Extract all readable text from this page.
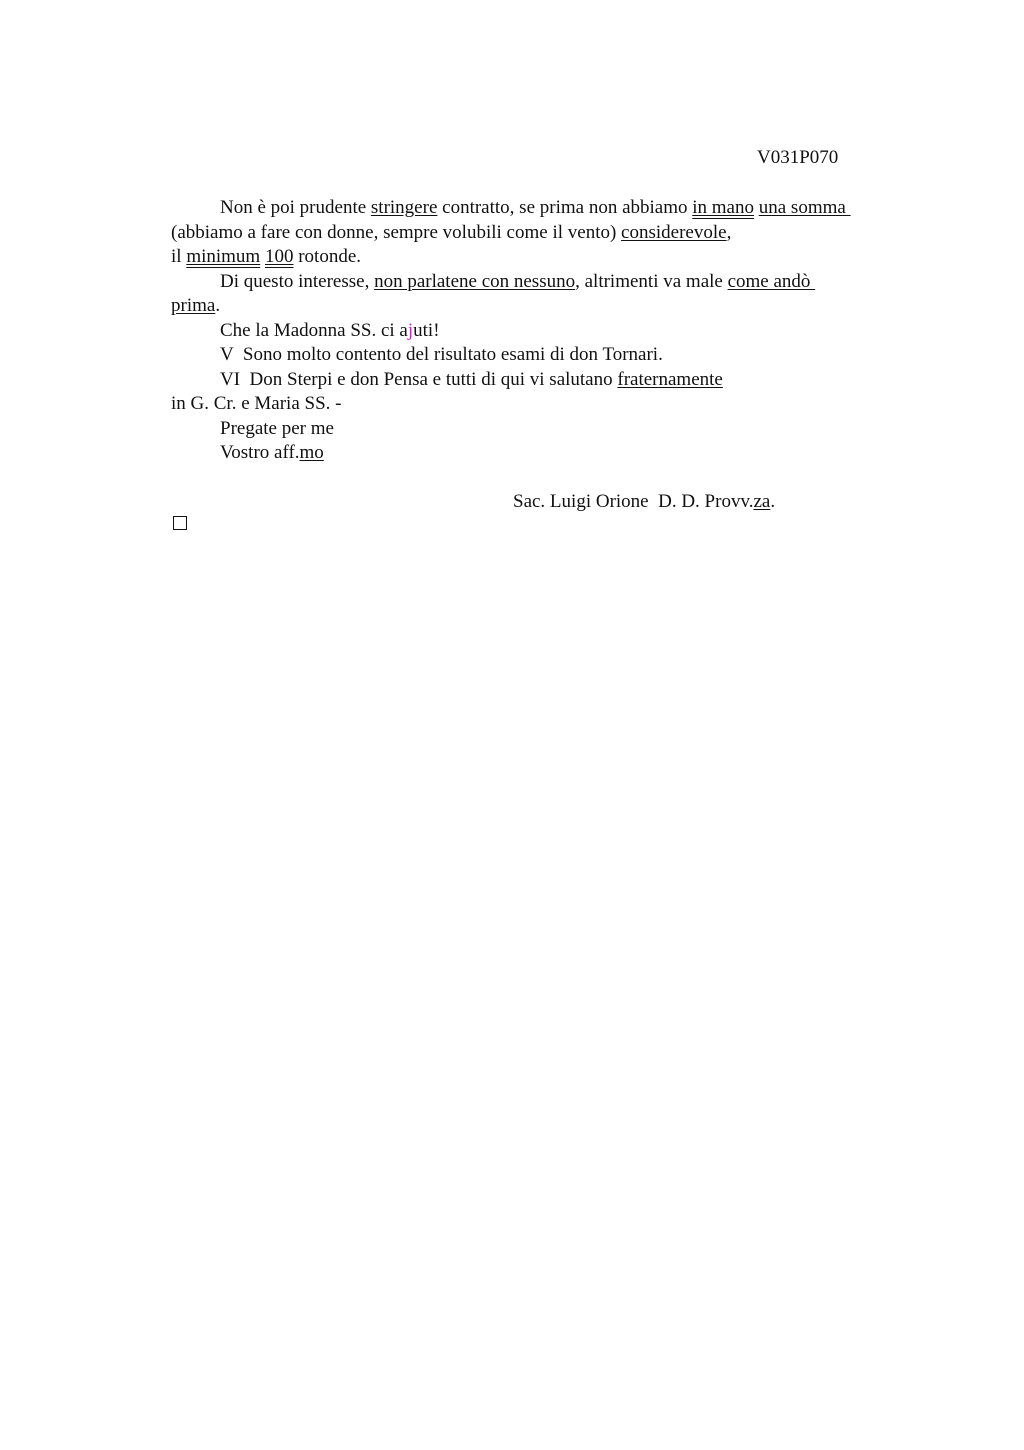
V031P070
Non è poi prudente stringere contratto, se prima non abbiamo in mano una somma
(abbiamo a fare con donne, sempre volubili come il vento) considerevole,
il minimum 100 rotonde.
Di questo interesse, non parlatene con nessuno, altrimenti va male come andò
prima.
Che la Madonna SS. ci ajuti!
V  Sono molto contento del risultato esami di don Tornari.
VI  Don Sterpi e don Pensa e tutti di qui vi salutano fraternamente
in G. Cr. e Maria SS. -
Pregate per me
Vostro aff.mo
Sac. Luigi Orione  D. D. Provv.za.
